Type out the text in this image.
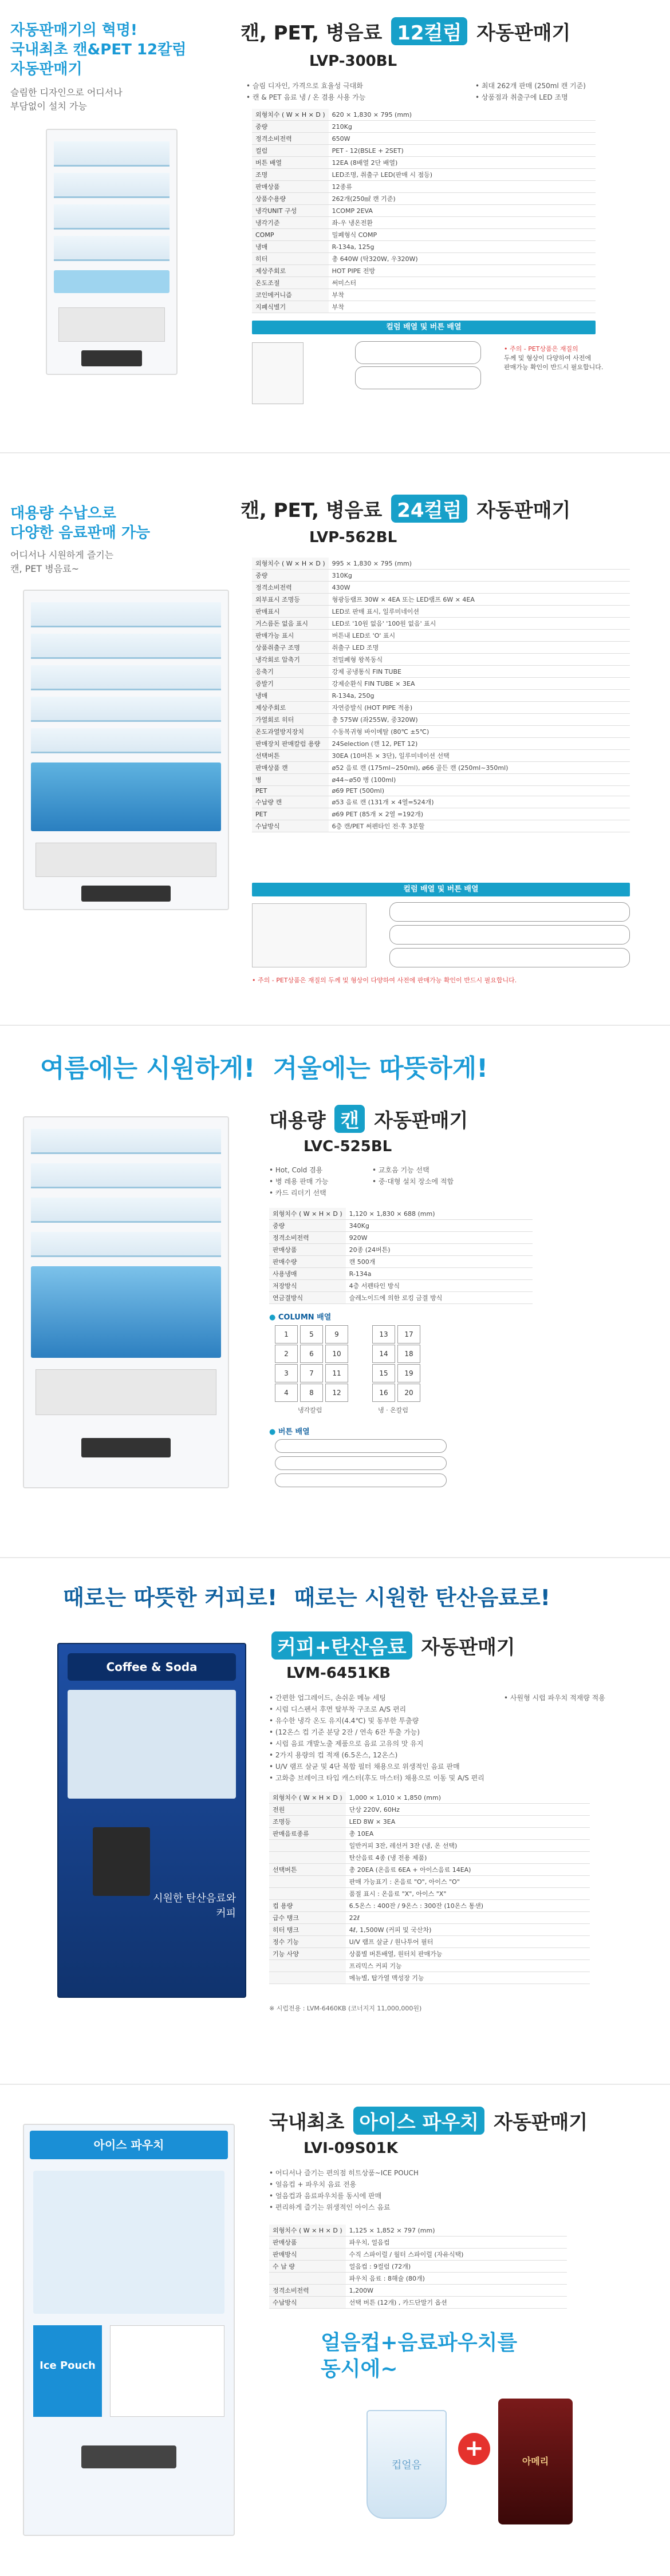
자동판매기의 혁명!
국내최초 캔&PET 12칼럼
자동판매기
슬림한 디자인으로 어디서나
부담없이 설치 가능
캔, PET, 병음료 12컬럼 자동판매기
LVP-300BL
• 슬림 디자인, 가격으로 효율성 극대화
• 캔 & PET 음료 냉 / 온 겸용 사용 가능
• 최대 262개 판매 (250ml 캔 기준)
• 상품점과 취출구에 LED 조명
외형치수 ( W × H × D )	620 × 1,830 × 795 (mm)
중량	210Kg
정격소비전력	650W
컬럼	PET - 12(BSLE + 2SET)
버튼 배열	12EA (8배열 2단 배열)
조명	LED조명, 취출구 LED(판매 시 점등)
판매상품	12종류
상품수용량	262개(250㎖ 캔 기준)
냉각UNIT 구성	1COMP 2EVA
냉각기준	좌-우 냉온전환
COMP	밀폐형식 COMP
냉매	R-134a, 125g
히터	총 640W (탁320W, 우320W)
제상주회로	HOT PIPE 전방
온도조절	써미스터
코인메커니즘	부착
지폐식별기	부착
컬럼 배열 및 버튼 배열
• 주의 - PET상품은 재질의
두께 및 형상이 다양하여 사전에
판매가능 확인이 반드시 필요합니다.
대용량 수납으로
다양한 음료판매 가능
어디서나 시원하게 즐기는
캔, PET 병음료~
캔, PET, 병음료 24컬럼 자동판매기
LVP-562BL
외형치수 ( W × H × D )	995 × 1,830 × 795 (mm)
중량	310Kg
정격소비전력	430W
외부표시 조명등	형광등램프 30W × 4EA 또는 LED램프 6W × 4EA
판매표시	LED로 판매 표시, 일루미네이션
거스름돈 없음 표시	LED로 '10원 없음' '100원 없음' 표시
판매가능 표시	버튼내 LED로 'O' 표시
상품취출구 조명	취출구 LED 조명
냉각회로 압축기	전밀폐형 왕복동식
응축기	강제 공냉통식 FIN TUBE
증발기	강제순환식 FIN TUBE × 3EA
냉매	R-134a, 250g
제상주회로	자연증발식 (HOT PIPE 적용)
가열회로 히터	총 575W (좌255W, 중320W)
온도과열방지장치	수동복귀형 바이메탈 (80℃ ±5℃)
판매장치 판매칼럼 용량	24Selection (캔 12, PET 12)
선택버튼	30EA (10버튼 × 3단), 일루미네이션 선택
판매상품 캔	ø52 음료 캔 (175ml~250ml), ø66 골든 캔 (250ml~350ml)
병	ø44~ø50 병 (100ml)
PET	ø69 PET (500ml)
수납량 캔	ø53 음료 캔 (131개 × 4열=524개)
PET	ø69 PET (85개 × 2열 =192개)
수납방식	6층 캔/PET 써펜타인 전·후 3분할
컬럼 배열 및 버튼 배열
• 주의 - PET상품은 재질의 두께 및 형상이 다양하여 사전에 판매가능 확인이 반드시 필요합니다.
여름에는 시원하게! 겨울에는 따뜻하게!
대용량 캔 자동판매기
LVC-525BL
• Hot, Cold 겸용
• 병 레용 판매 가능
• 카드 리더기 선택
• 교호음 기능 선택
• 중·대형 설치 장소에 적합
외형치수 ( W × H × D )	1,120 × 1,830 × 688 (mm)
중량	340Kg
정격소비전력	920W
판매상품	20종 (24버튼)
판매수량	캔 500개
사용냉매	R-134a
저장방식	4층 서펜타인 방식
연금결방식	슬레노이드에 의한 로킹 금결 방식
● COLUMN 배열
1	5	9
2	6	10
3	7	11
4	8	12
13	17
14	18
15	19
16	20
냉각칼럼	냉 · 온칼럼
● 버튼 배열
때로는 따뜻한 커피로! 때로는 시원한 탄산음료로!
Coffee & Soda
시원한 탄산음료와 커피
커피+탄산음료 자동판매기
LVM-6451KB
• 간편한 업그레이드, 손쉬운 메뉴 세팅
• 시럽 디스펜서 후면 탈부착 구조로 A/S 편리
• 유수한 냉각 온도 유지(4.4℃) 및 동부한 투출량
• (12온스 컵 기준 분당 2잔 / 연속 6잔 투출 가능)
• 시럽 음료 개발노출 제품으로 음료 고유의 맛 유지
• 2가지 용량의 컵 적재 (6.5온스, 12온스)
• U/V 램프 살균 및 4단 복합 필터 채용으로 위생적인 음료 판매
• 고화층 브레이크 타입 캐스터(후도 마스터) 채용으로 이동 및 A/S 편리
• 사원형 시럽 파우치 적재량 적용
외형치수 ( W × H × D )	1,000 × 1,010 × 1,850 (mm)
전원	단상 220V, 60Hz
조명등	LED 8W × 3EA
판매음료종류	총 10EA
	일반커피 3잔, 레선커 3잔 (냉, 온 선택)
	탄산음료 4종 (냉 전용 제품)
선택버튼	총 20EA (온음료 6EA + 아이스음료 14EA)
	판매 가능표기 : 온음료 "O", 아이스 "O"
	품절 표시 : 온음료 "X", 아이스 "X"
컵 용량	6.5온스 : 400잔 / 9온스 : 300잔 (10온스 통샌)
급수 탱크	22ℓ
히터 탱크	4ℓ, 1,500W (커피 및 국산차)
정수 기능	U/V 램프 살균 / 원나투어 필터
기능 사양	상품별 버튼배열, 원터치 판매가능
	프리믹스 커피 기능
	메뉴별, 탑가열 맥성장 기능
※ 시럽전용 : LVM-6460KB (코너지지 11,000,000원)
아이스 파우치
Ice Pouch
국내최초 아이스 파우치 자동판매기
LVI-09S01K
• 어디서나 즐기는 편의점 히트상품~ICE POUCH
• 얼음컵 + 파우치 음료 전용
• 얼음컵과 음료파우치를 동시에 판매
• 편리하게 즐기는 위생적인 아이스 음료
외형치수 ( W × H × D )	1,125 × 1,852 × 797 (mm)
판매상품	파우치, 얼음컵
판매방식	수직 스파이럴 / 월터 스파이럴 (자유식택)
수 납 량	얼음컵 : 9컬럼 (72개)
	파우치 음료 : 8해슐 (80개)
정격소비전력	1,200W
수납방식	선택 버튼 (12개) , 카드단말기 옵션
얼음컵+음료파우치를
동시에~
컵얼음
+	아메리
